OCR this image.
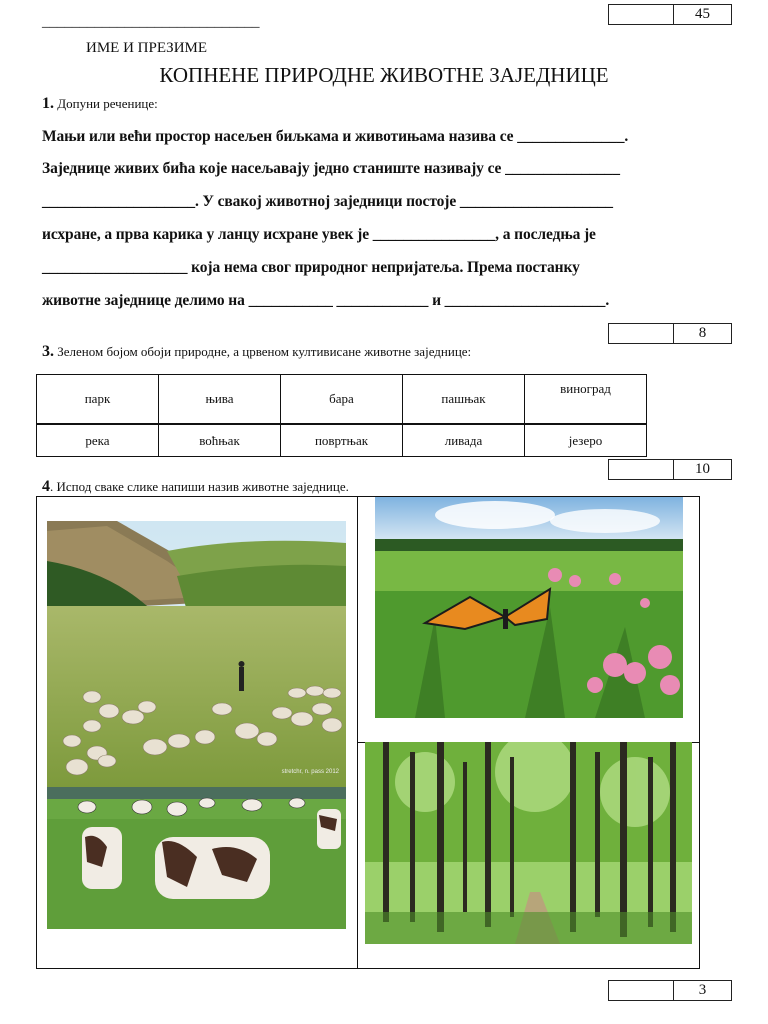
45
_____________________________
ИМЕ И ПРЕЗИМЕ
КОПНЕНЕ ПРИРОДНЕ ЖИВОТНЕ ЗАЈЕДНИЦЕ
1. Допуни реченице:
Мањи или већи простор насељен биљкама и животињама назива се ______________.
Заједнице живих бића које насељавају једно станиште називају се _______________
____________________. У свакој животној заједници постоје ____________________
исхране, а прва карика у ланцу исхране увек је ________________, а последња је
___________________ која нема свог природног непријатеља. Према постанку
животне заједнице делимо на ___________ ____________ и _____________________.
8
3. Зеленом бојом обоји природне, а црвеном култивисане животне заједнице:
парк	њива	бара	пашњак	виноград
река	воћњак	повртњак	ливада	језеро
10
4. Испод сваке слике напиши назив животне заједнице.
stretchr, n. pass 2012
3
